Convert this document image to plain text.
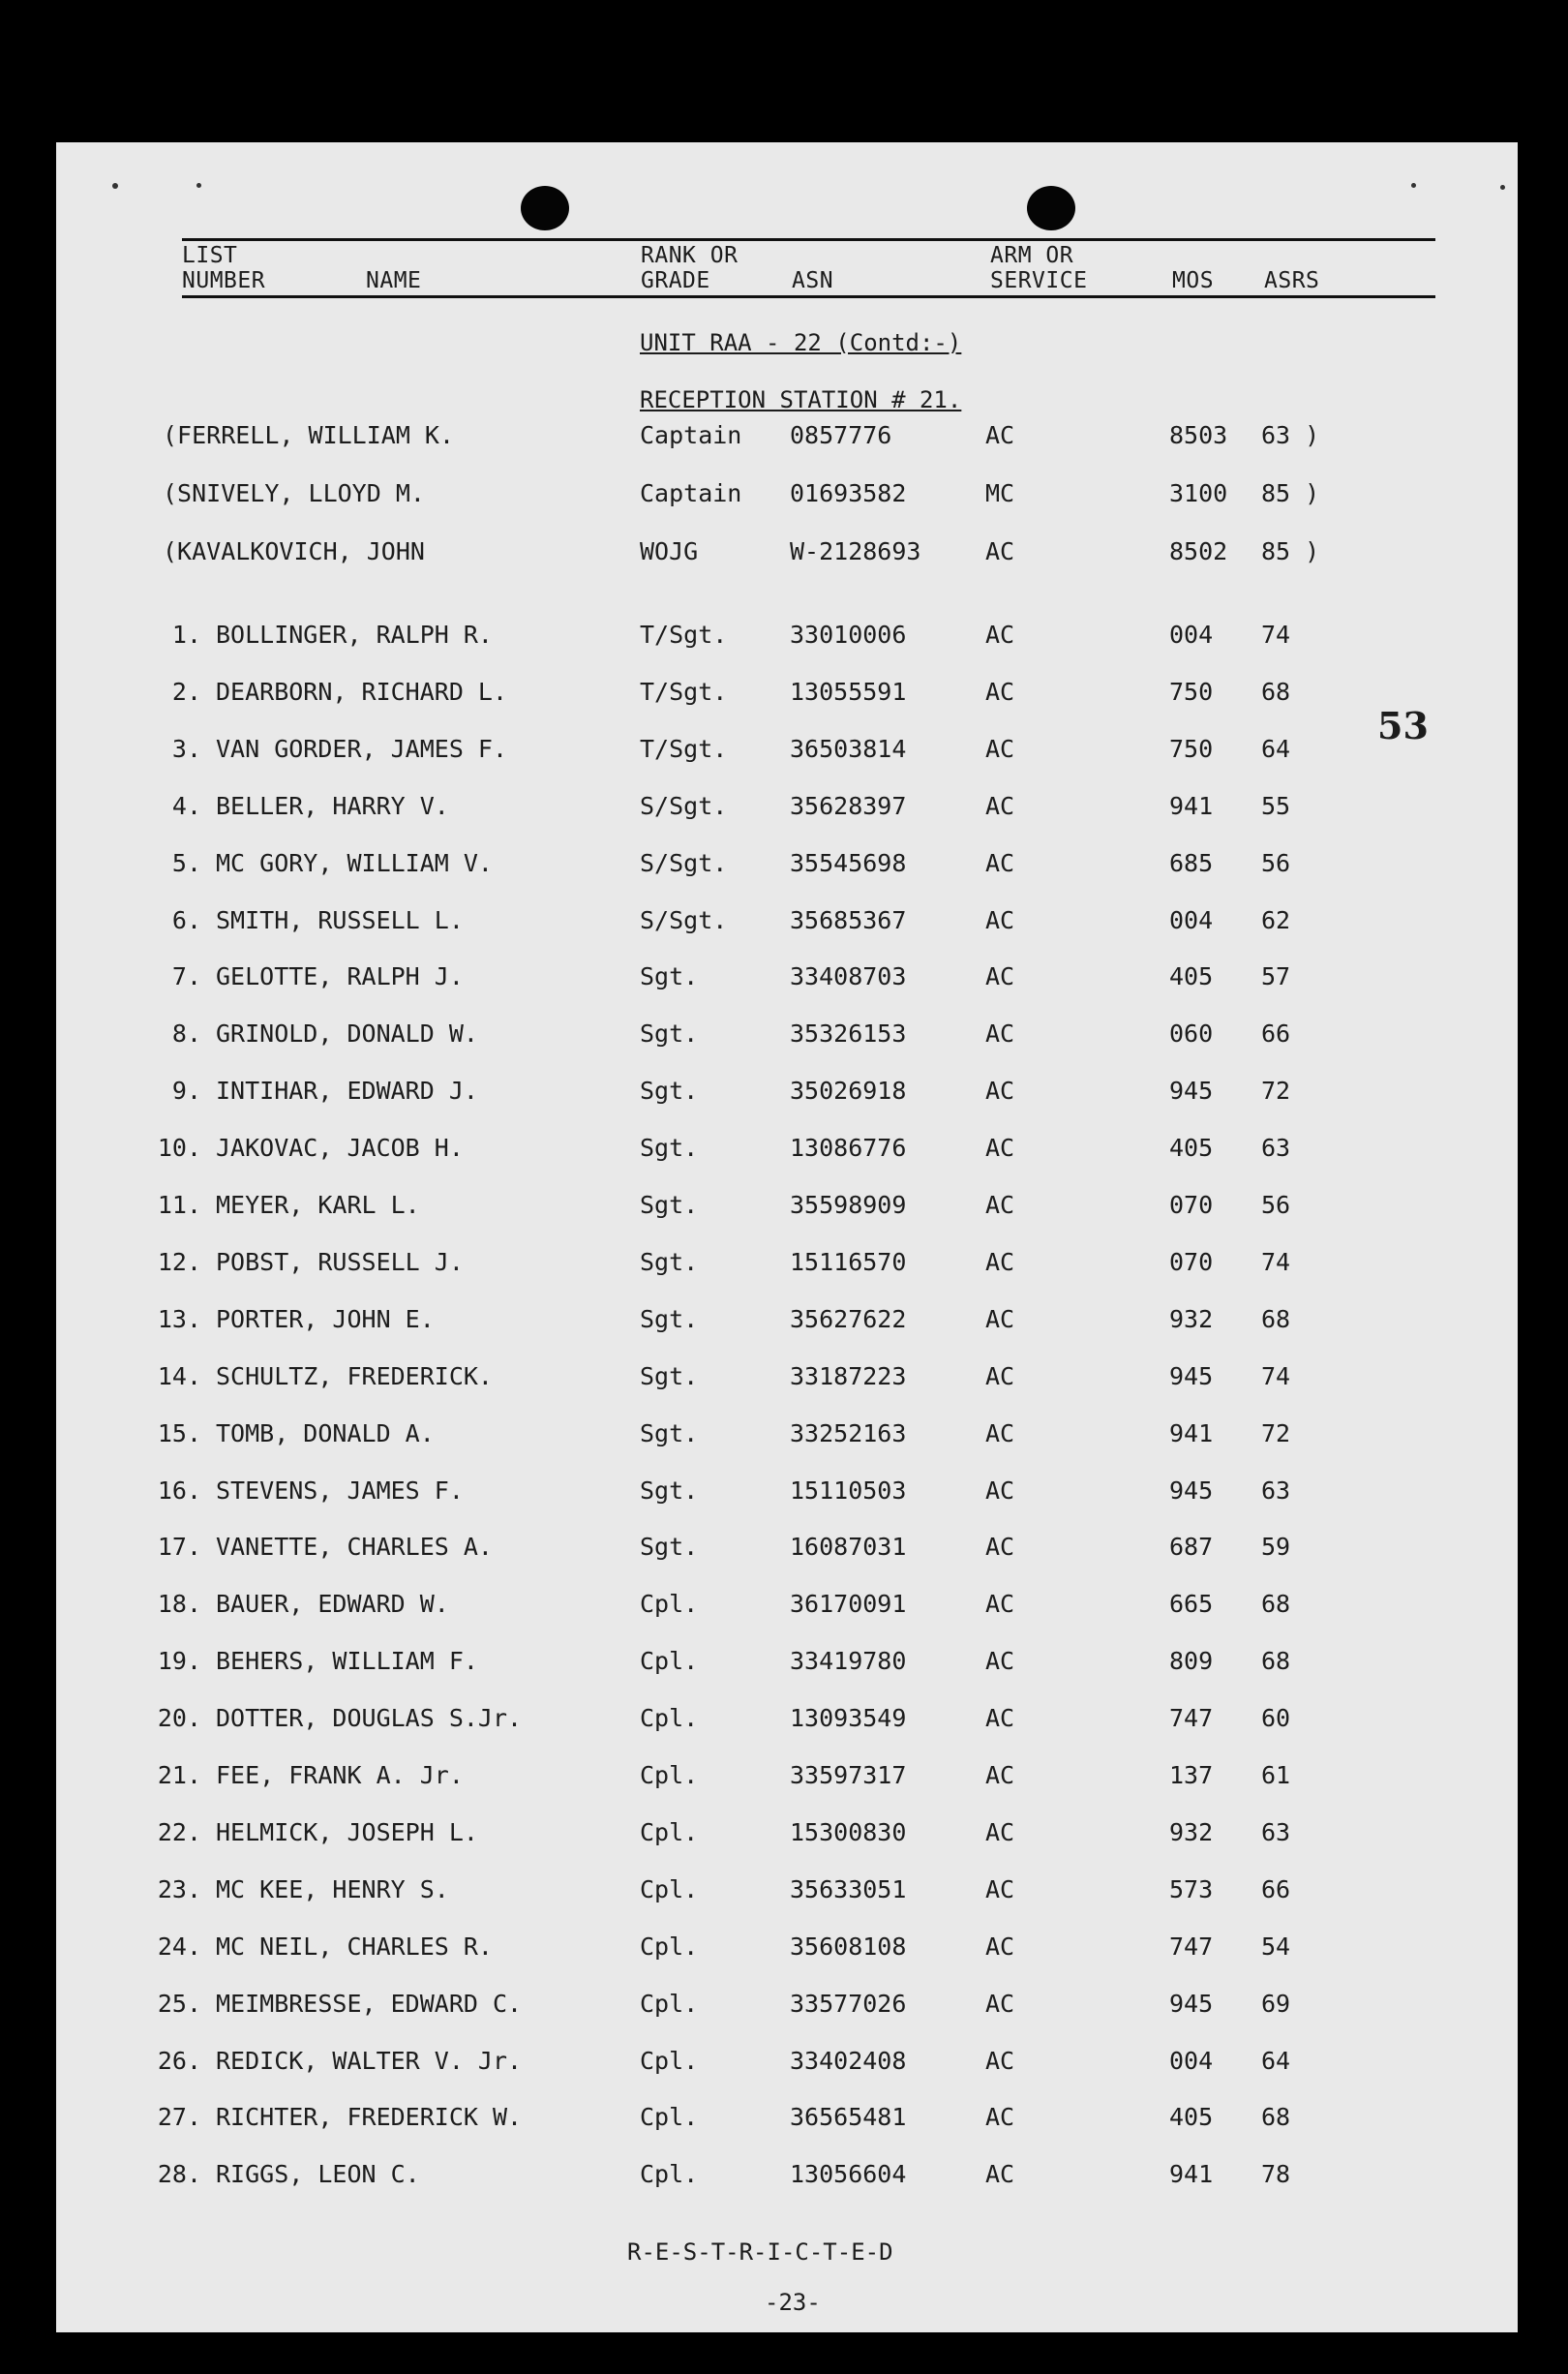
LIST
NUMBER	NAME
RANK OR
GRADE	ASN
ARM OR
SERVICE	MOS ASRS
UNIT RAA - 22 (Contd:-)
RECEPTION STATION # 21.
(FERRELL, WILLIAM K.	Captain 0857776	AC	8503 63 )
(SNIVELY, LLOYD M.	Captain 01693582	MC	3100 85 )
(KAVALKOVICH, JOHN	WOJG	W-2128693	AC	8502 85 )
1. BOLLINGER, RALPH R.	T/Sgt.	33010006	AC	004 74
2. DEARBORN, RICHARD L.	T/Sgt.	13055591	AC	750 68
3. VAN GORDER, JAMES F.	T/Sgt.	36503814	AC	750 64
4. BELLER, HARRY V.	S/Sgt.	35628397	AC	941 55
5. MC GORY, WILLIAM V.	S/Sgt.	35545698	AC	685 56
6. SMITH, RUSSELL L.	S/Sgt.	35685367	AC	004 62
7. GELOTTE, RALPH J.	Sgt.	33408703	AC	405 57
8. GRINOLD, DONALD W.	Sgt.	35326153	AC	060 66
9. INTIHAR, EDWARD J.	Sgt.	35026918	AC	945 72
10. JAKOVAC, JACOB H.	Sgt.	13086776	AC	405 63
11. MEYER, KARL L.	Sgt.	35598909	AC	070 56
12. POBST, RUSSELL J.	Sgt.	15116570	AC	070 74
13. PORTER, JOHN E.	Sgt.	35627622	AC	932 68
14. SCHULTZ, FREDERICK.	Sgt.	33187223	AC	945 74
15. TOMB, DONALD A.	Sgt.	33252163	AC	941 72
16. STEVENS, JAMES F.	Sgt.	15110503	AC	945 63
17. VANETTE, CHARLES A.	Sgt.	16087031	AC	687 59
18. BAUER, EDWARD W.	Cpl.	36170091	AC	665 68
19. BEHERS, WILLIAM F.	Cpl.	33419780	AC	809 68
20. DOTTER, DOUGLAS S.Jr.	Cpl.	13093549	AC	747 60
21. FEE, FRANK A. Jr.	Cpl.	33597317	AC	137 61
22. HELMICK, JOSEPH L.	Cpl.	15300830	AC	932 63
23. MC KEE, HENRY S.	Cpl.	35633051	AC	573 66
24. MC NEIL, CHARLES R.	Cpl.	35608108	AC	747 54
25. MEIMBRESSE, EDWARD C.	Cpl.	33577026	AC	945 69
26. REDICK, WALTER V. Jr.	Cpl.	33402408	AC	004 64
27. RICHTER, FREDERICK W.	Cpl.	36565481	AC	405 68
28. RIGGS, LEON C.	Cpl.	13056604	AC	941 78
53
R-E-S-T-R-I-C-T-E-D
-23-
